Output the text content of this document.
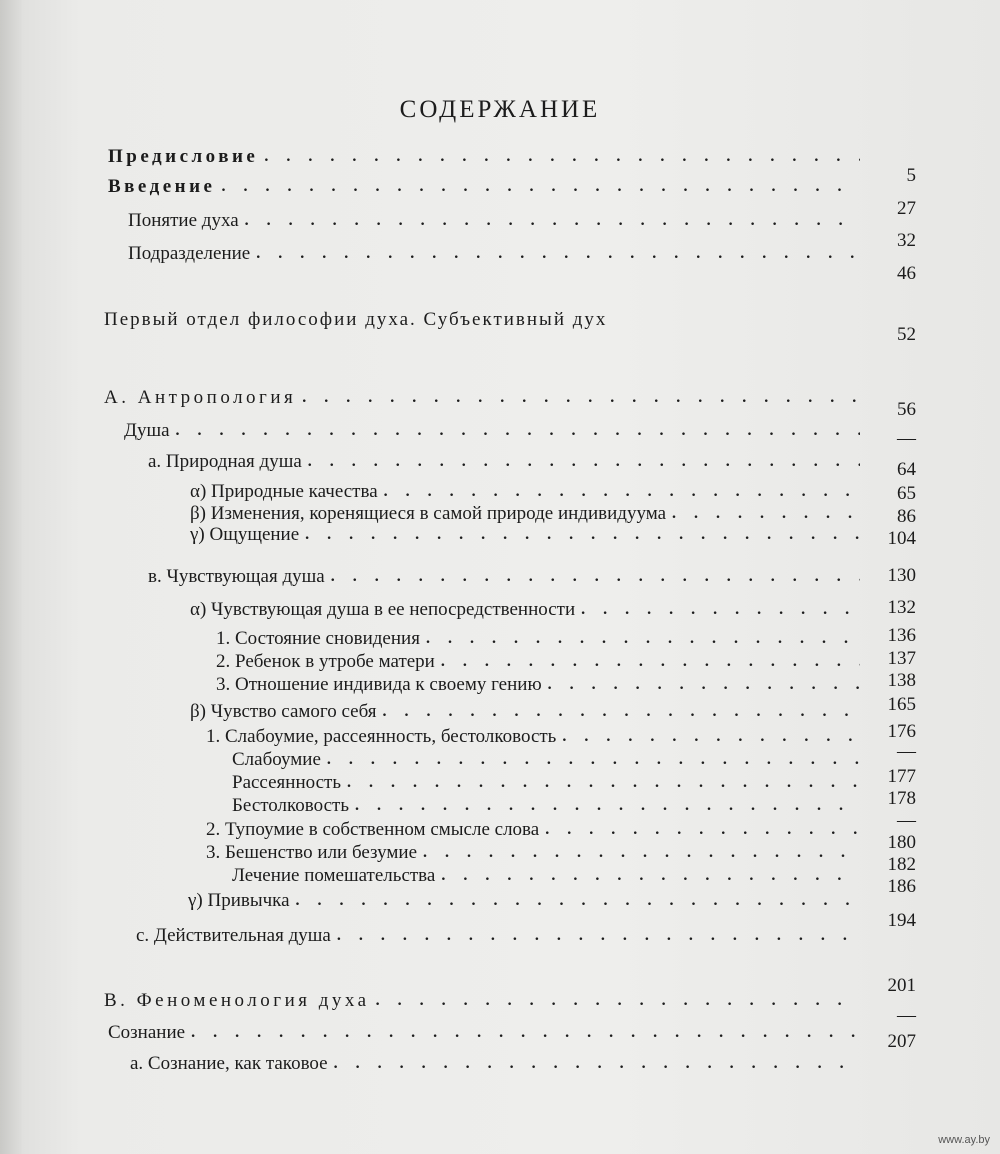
СОДЕРЖАНИЕ
Предисловие
. . .
Введение
. . .
Понятие духа
. . .
Подразделение
. . .
Первый отдел философии духа. Субъективный дух
А. Антропология
. . .
Душа
. . .
а. Природная душа
. . .
α) Природные качества
. . .
β) Изменения, коренящиеся в самой природе индивидуума
. . .
γ) Ощущение
. . .
в. Чувствующая душа
. . .
α) Чувствующая душа в ее непосредственности
. . .
1. Состояние сновидения
. . .
2. Ребенок в утробе матери
. . .
3. Отношение индивида к своему гению
. . .
β) Чувство самого себя
. . .
1. Слабоумие, рассеянность, бестолковость
. . .
Слабоумие
. . .
Рассеянность
. . .
Бестолковость
. . .
2. Тупоумие в собственном смысле слова
. . .
3. Бешенство или безумие
. . .
Лечение помешательства
. . .
γ) Привычка
. . .
с. Действительная душа
. . .
В. Феноменология духа
. . .
Сознание
. . .
а. Сознание, как таковое
. . .
5
27
32
46
52
56
—
64
65
86
104
130
132
136
137
138
165
176
—
177
178
—
180
182
186
194
201
—
207
www.ay.by
